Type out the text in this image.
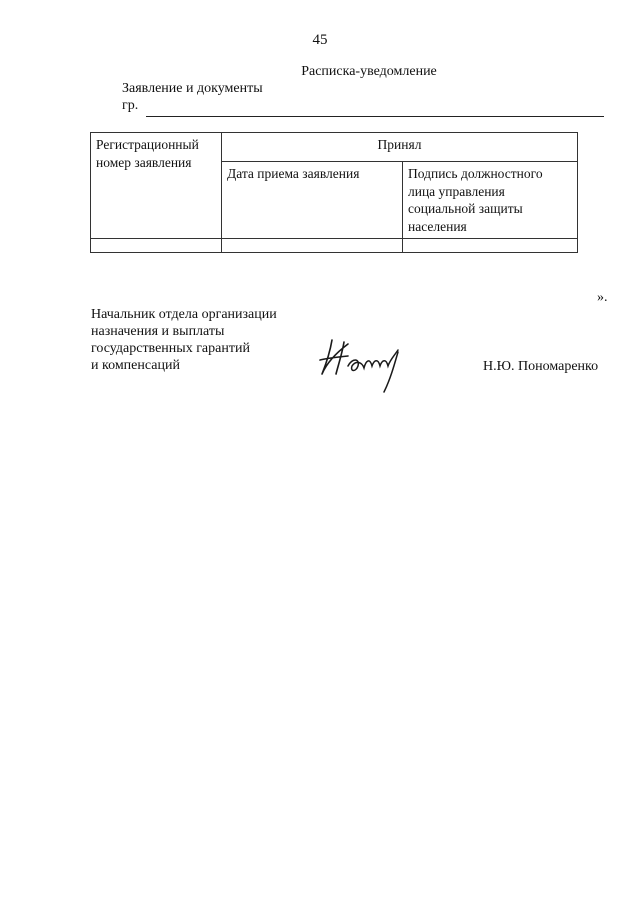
45
Расписка-уведомление
Заявление и документы
гр.
Регистрационный номер заявления	Принял	
	Дата приема заявления	Подпись должностного лица управления социальной защиты населения

».
Начальник отдела организации
назначения и выплаты
государственных гарантий
и компенсаций	Н.Ю. Пономаренко
